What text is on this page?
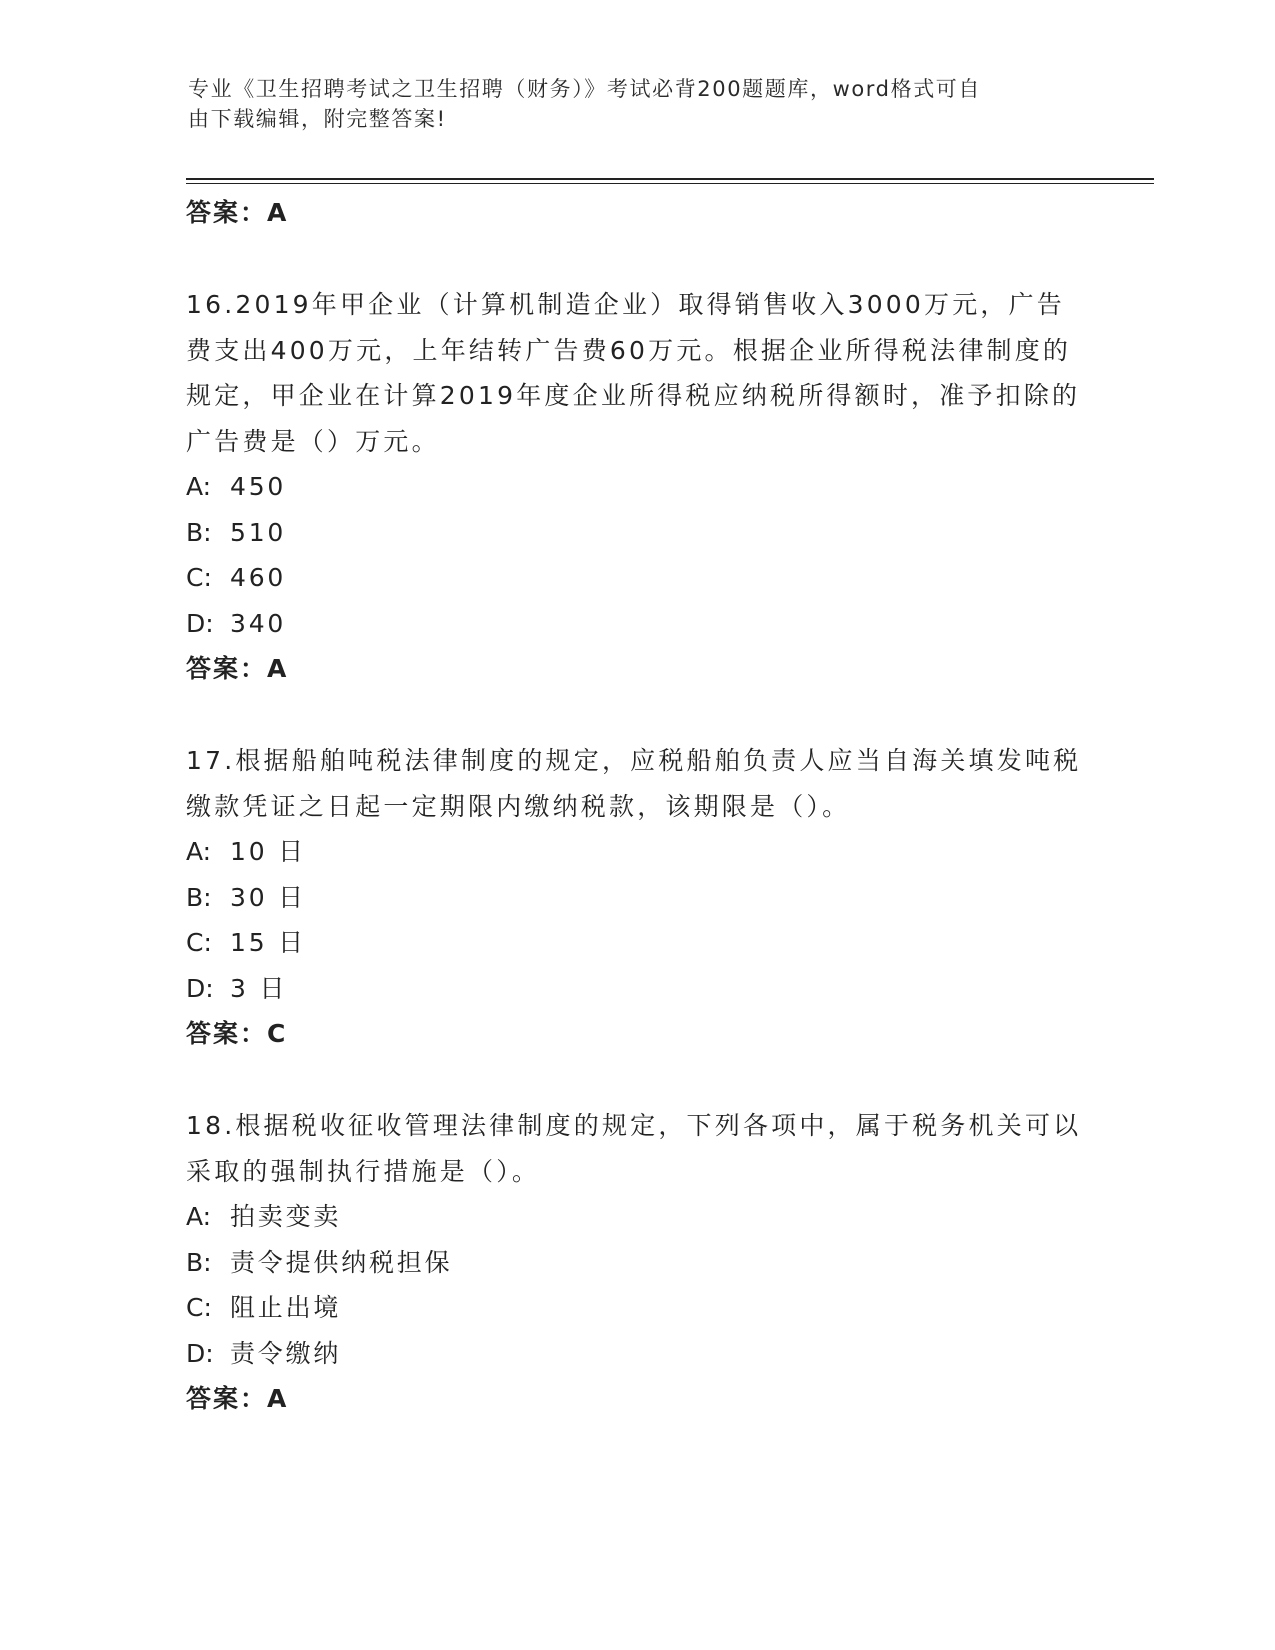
专业《卫生招聘考试之卫生招聘（财务）》考试必背200题题库，word格式可自
由下载编辑，附完整答案!
答案：A
16.2019年甲企业（计算机制造企业）取得销售收入3000万元，广告费支出400万元，上年结转广告费60万元。根据企业所得税法律制度的规定，甲企业在计算2019年度企业所得税应纳税所得额时，准予扣除的广告费是（）万元。
A: 450
B: 510
C: 460
D: 340
答案：A
17.根据船舶吨税法律制度的规定，应税船舶负责人应当自海关填发吨税缴款凭证之日起一定期限内缴纳税款，该期限是（）。
A: 10 日
B: 30 日
C: 15 日
D: 3 日
答案：C
18.根据税收征收管理法律制度的规定，下列各项中，属于税务机关可以采取的强制执行措施是（）。
A: 拍卖变卖
B: 责令提供纳税担保
C: 阻止出境
D: 责令缴纳
答案：A
